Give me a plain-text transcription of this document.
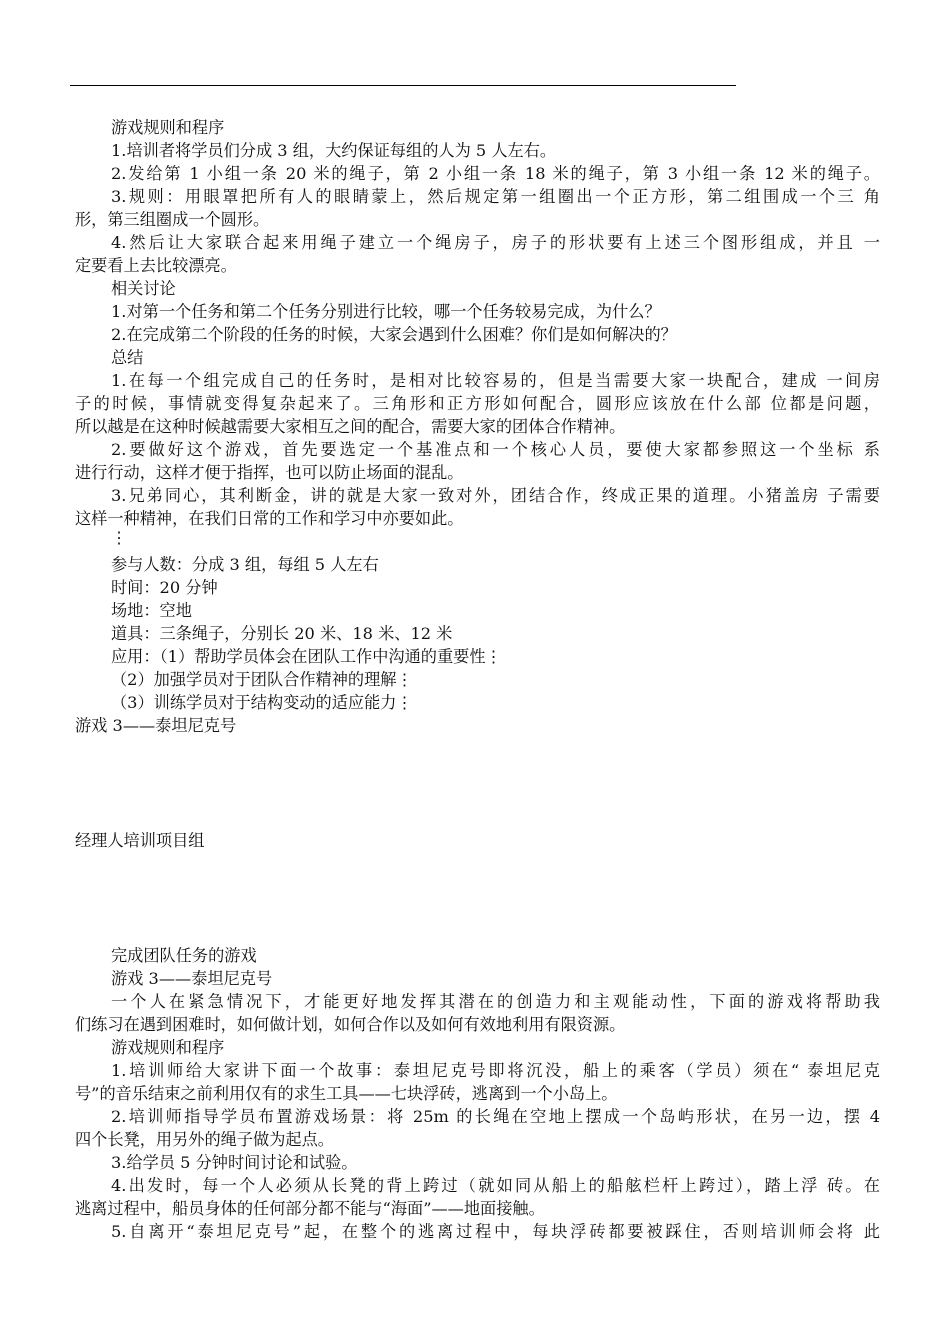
游戏规则和程序
1.培训者将学员们分成 3 组，大约保证每组的人为 5 人左右。
2.发给第 1 小组一条 20 米的绳子，第 2 小组一条 18 米的绳子，第 3 小组一条 12 米的绳子。
3.规则：用眼罩把所有人的眼睛蒙上，然后规定第一组圈出一个正方形，第二组围成一个三 角
形，第三组圈成一个圆形。
4.然后让大家联合起来用绳子建立一个绳房子，房子的形状要有上述三个图形组成，并且 一
定要看上去比较漂亮。
相关讨论
1.对第一个任务和第二个任务分别进行比较，哪一个任务较易完成，为什么？
2.在完成第二个阶段的任务的时候，大家会遇到什么困难？你们是如何解决的？
总结
1.在每一个组完成自己的任务时，是相对比较容易的，但是当需要大家一块配合，建成 一间房
子的时候，事情就变得复杂起来了。三角形和正方形如何配合，圆形应该放在什么部 位都是问题，
所以越是在这种时候越需要大家相互之间的配合，需要大家的团体合作精神。
2.要做好这个游戏，首先要选定一个基准点和一个核心人员，要使大家都参照这一个坐标 系
进行行动，这样才便于指挥，也可以防止场面的混乱。
3.兄弟同心，其利断金，讲的就是大家一致对外，团结合作，终成正果的道理。小猪盖房 子需要
这样一种精神，在我们日常的工作和学习中亦要如此。
⋮
参与人数：分成 3 组，每组 5 人左右
时间：20 分钟
场地：空地
道具：三条绳子，分别长 20 米、18 米、12 米
应用：（1）帮助学员体会在团队工作中沟通的重要性⋮
（2）加强学员对于团队合作精神的理解⋮
（3）训练学员对于结构变动的适应能力⋮
游戏 3——泰坦尼克号
经理人培训项目组
完成团队任务的游戏
游戏 3——泰坦尼克号
一个人在紧急情况下，才能更好地发挥其潜在的创造力和主观能动性，下面的游戏将帮助我
们练习在遇到困难时，如何做计划，如何合作以及如何有效地利用有限资源。
游戏规则和程序
1.培训师给大家讲下面一个故事：泰坦尼克号即将沉没，船上的乘客（学员）须在“ 泰坦尼克
号”的音乐结束之前利用仅有的求生工具——七块浮砖，逃离到一个小岛上。
2.培训师指导学员布置游戏场景：将 25m 的长绳在空地上摆成一个岛屿形状，在另一边，摆 4
四个长凳，用另外的绳子做为起点。
3.给学员 5 分钟时间讨论和试验。
4.出发时，每一个人必须从长凳的背上跨过（就如同从船上的船舷栏杆上跨过），踏上浮 砖。在
逃离过程中，船员身体的任何部分都不能与“海面”——地面接触。
5.自离开“泰坦尼克号”起，在整个的逃离过程中，每块浮砖都要被踩住，否则培训师会将 此
